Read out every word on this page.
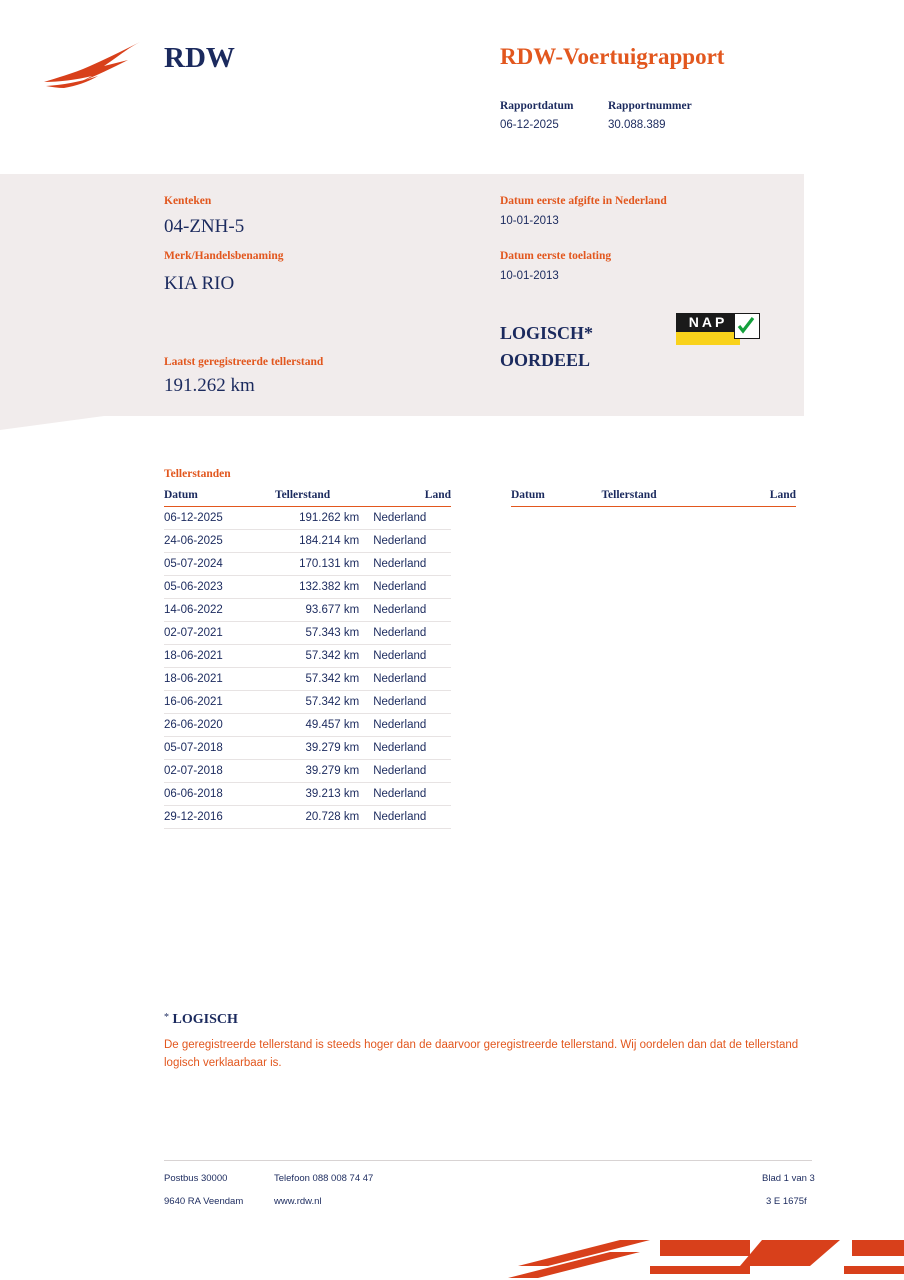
RDW	RDW-Voertuigrapport
Rapportdatum	Rapportnummer
06-12-2025	30.088.389
Kenteken
04-ZNH-5
Merk/Handelsbenaming
KIA RIO
Laatst geregistreerde tellerstand
191.262 km
Datum eerste afgifte in Nederland
10-01-2013
Datum eerste toelating
10-01-2013
LOGISCH*
OORDEEL
NAP
Tellerstanden
Datum	Tellerstand	Land
06-12-2025	191.262 km	Nederland
24-06-2025	184.214 km	Nederland
05-07-2024	170.131 km	Nederland
05-06-2023	132.382 km	Nederland
14-06-2022	93.677 km	Nederland
02-07-2021	57.343 km	Nederland
18-06-2021	57.342 km	Nederland
18-06-2021	57.342 km	Nederland
16-06-2021	57.342 km	Nederland
26-06-2020	49.457 km	Nederland
05-07-2018	39.279 km	Nederland
02-07-2018	39.279 km	Nederland
06-06-2018	39.213 km	Nederland
29-12-2016	20.728 km	Nederland
Datum	Tellerstand	Land
* LOGISCH
De geregistreerde tellerstand is steeds hoger dan de daarvoor geregistreerde tellerstand. Wij oordelen dan dat de tellerstand logisch verklaarbaar is.
Postbus 30000
9640 RA Veendam
Telefoon 088 008 74 47
www.rdw.nl
Blad 1 van 3
3 E 1675f
